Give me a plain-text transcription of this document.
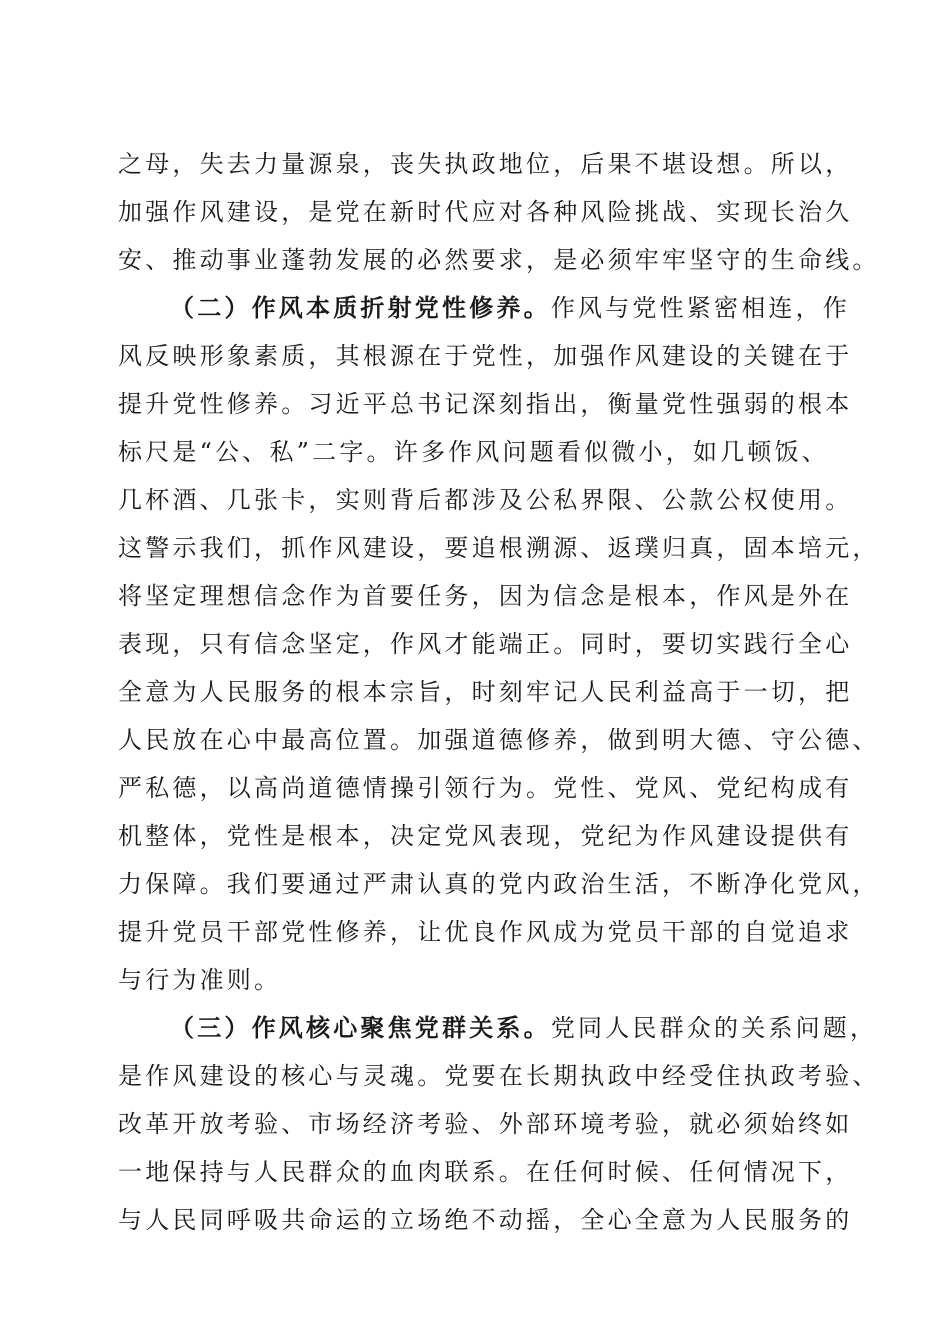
之母，失去力量源泉，丧失执政地位，后果不堪设想。所以，
加强作风建设，是党在新时代应对各种风险挑战、实现长治久
安、推动事业蓬勃发展的必然要求，是必须牢牢坚守的生命线。
（二）作风本质折射党性修养。作风与党性紧密相连，作
风反映形象素质，其根源在于党性，加强作风建设的关键在于
提升党性修养。习近平总书记深刻指出，衡量党性强弱的根本
标尺是“公、私”二字。许多作风问题看似微小，如几顿饭、
几杯酒、几张卡，实则背后都涉及公私界限、公款公权使用。
这警示我们，抓作风建设，要追根溯源、返璞归真，固本培元，
将坚定理想信念作为首要任务，因为信念是根本，作风是外在
表现，只有信念坚定，作风才能端正。同时，要切实践行全心
全意为人民服务的根本宗旨，时刻牢记人民利益高于一切，把
人民放在心中最高位置。加强道德修养，做到明大德、守公德、
严私德，以高尚道德情操引领行为。党性、党风、党纪构成有
机整体，党性是根本，决定党风表现，党纪为作风建设提供有
力保障。我们要通过严肃认真的党内政治生活，不断净化党风，
提升党员干部党性修养，让优良作风成为党员干部的自觉追求
与行为准则。
（三）作风核心聚焦党群关系。党同人民群众的关系问题，
是作风建设的核心与灵魂。党要在长期执政中经受住执政考验、
改革开放考验、市场经济考验、外部环境考验，就必须始终如
一地保持与人民群众的血肉联系。在任何时候、任何情况下，
与人民同呼吸共命运的立场绝不动摇，全心全意为人民服务的
